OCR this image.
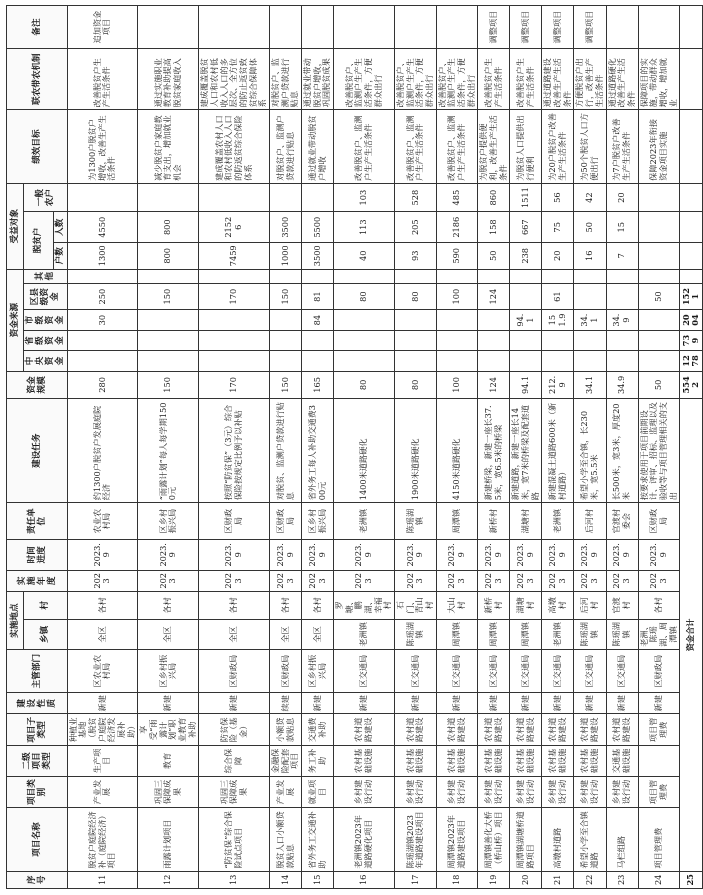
序号	项目名称	项目类别	二级项目类型	项目子类型	建设性质	主管部门	实施地点		实施年度	时间进度	责任单位	建设任务	资金规模	资金来源					受益对象			绩效目标	联农带农机制	备注
																			脱贫户		一般农户			
							乡镇	村						中央资金	省级资金	市级资金	区县级资金	其他						
																			户数	人数				
11	脱贫户庭院经济补（庭院经济）项目	产业发展	生产项目	种植业基地（脱贫户庭院经济发展补助）	新建	区农业农村局	全区	各村	2023	2023.9	农业农村局	约1300户脱贫户发展庭院经济	280			30	250		1300	4550		为1300户脱贫户增收，改善生产生活条件	改善脱贫户生产生活条件	追加资金项目
12	雨露计划项目	巩固三保障成果	教育	享受“雨露计划”职业教育补助	新建	区乡村振兴局	全区	各村	2023	2023.9	区乡村振兴局	“雨露计划”每人每学期1500元	150				150		800	800		减少脱贫户家庭教育支出，增加就业机会	通过实施职业教育补助提高脱贫家庭收入	
13	“防贫保”综合保险试点项目	巩固三保障成果	综合保障	防贫保险（基金）	新建	区财政局	全区	各村	2023	2023.9	区财政局	按照“防贫保”（3元）综合保险按规定比例予以补贴	170				170		7459	21526		建成覆盖农村人口和农村低收入人口的防返贫综合保险体系	建成覆盖脱贫人口和农村低收入人口的多层次、全方位的防止返贫致贫综合保障体系	
14	脱贫人口小额贷款贴息	产业发展	金融保险配套项目	小额贷款贴息	续建	区财政局	全区	各村	2023	2023.9	区财政局	对脱贫、监测户贷款进行贴息	150				150		1000	3500		对脱贫户、监测户贷款进行贴息	对脱贫户、监测户贷款进行贴息	
15	省外务工交通补助	就业项目	务工补助	交通费补助	新建	区乡村振兴局	全区	各村	2023	2023.9	区乡村振兴局	省外务工每人补助交通费300元	165			84	81		3500	5500		通过就业带动脱贫户增收	通过就业带动脱贫户增收，巩固脱贫成果	
16	老洲镇2023年道路硬化项目	乡村建设行动	农村基础设施	农村道路建设	新建	区交通局	老洲镇	罗塘、鹏湖、幸福村	2023	2023.9	老洲镇	1400米道路硬化	80				80		40	113	103	改善脱贫户、监测户生产生活条件	改善脱贫户、监测户生产生活条件，方便群众出行	
17	陈瑶湖镇2023年道路建设项目	乡村建设行动	农村基础设施	农村道路建设	新建	区交通局	陈瑶湖镇	石门、青山村	2023	2023.9	陈瑶湖镇	1900米道路硬化	80				80		93	205	528	改善脱贫户、监测户生产生活条件	改善脱贫户、监测户生产生活条件，方便群众出行	
18	周潭镇2023年道路建设项目	乡村建设行动	农村基础设施	农村道路建设	新建	区交通局	周潭镇	大山村	2023	2023.9	周潭镇	4150米道路硬化	100				100		590	2186	485	改善脱贫户、监测户生产生活条件	改善脱贫户、监测户生产生活条件，方便群众出行	
19	周潭镇善化大桥（桥山桥）项目	乡村建设行动	农村基础设施	农村道路建设	新建	区交通局	周潭镇	新桥村	2023	2023.9	新桥村	新建桥梁，新建一座长37.5米，宽6.5米的桥梁	124				124		50	158	860	为脱贫户提供便利，改善生产生活条件	改善脱贫户生产生活条件	调整项目
20	周潭镇湖塘桥道路项目	乡村建设行动	农村基础设施	农村道路建设	新建	区交通局	周潭镇	湖塘村	2023	2023.9	湖塘村	新建道路，新建一座长14米，宽7米的桥梁及配套道路	94.1			94.1			238	667	1511	为脱贫人口提供出行便利	改善脱贫户生产生活条件	调整项目
21	高墩村道路	乡村建设行动	农村基础设施	农村道路建设	新建	区交通局	老洲镇	高墩村	2023	2023.9	老洲镇	新建混凝土道路600米（新村道路）	212.9			151.9	61		20	75	56	为20户脱贫户改善生产生活条件	通过道路建设改善生产生活条件	调整项目
22	希望小学至合镇道路	乡村建设行动	农村基础设施	农村道路建设	新建	区交通局	陈瑶湖镇	后河村	2023	2023.9	后河村	希望小学至合镇，长230米，宽5.5米	34.1			34.1			16	50	42	为50个脱贫人口方便出行	方便脱贫户出行，改善生产生活条件	调整项目
23	马栏组路	乡村建设行动	交通基础设施	农村道路建设	新建	区交通局	陈瑶湖镇	官渡村	2023	2023.9	官渡村委会	长500米，宽3米，厚度20米	34.9			34.9			7	15	20	为7户脱贫户改善生产生活条件	通过道路硬化改善生产生活条件	
24	项目管理费	项目管理费		项目管理费	新建	区财政局	老洲、陈瑶湖、周潭镇	各村	2023	2023.9	区财政局	按要求使用于项目前期设计、评审、招标、监理以及验收等与项目管理相关的支出	50				50					保障2023年衔接资金项目实施	保障项目的实施，带动群众增收，增加就业	
25	资金合计												5542	1278	739	2004	1521							
